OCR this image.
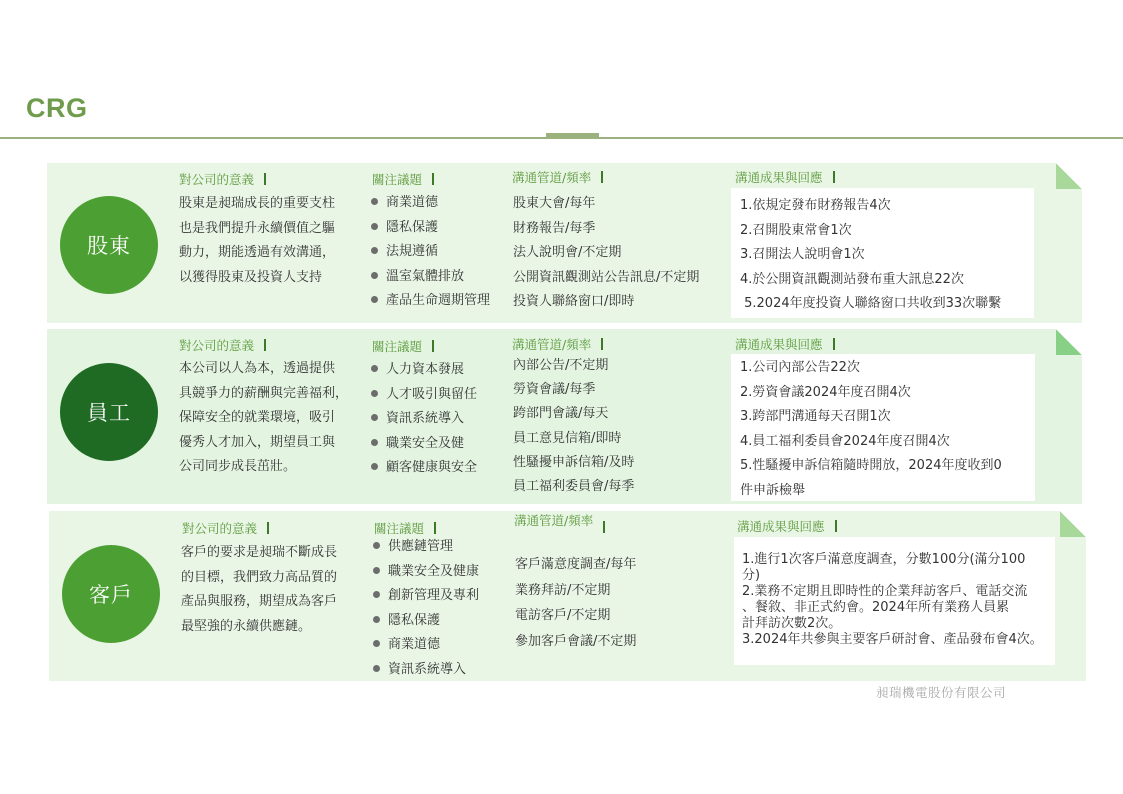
CRG
股東
對公司的意義
股東是昶瑞成長的重要支柱
也是我們提升永續價值之驅
動力，期能透過有效溝通，
以獲得股東及投資人支持
關注議題
商業道德
隱私保護
法規遵循
溫室氣體排放
產品生命週期管理
溝通管道/頻率
股東大會/每年
財務報告/每季
法人說明會/不定期
公開資訊觀測站公告訊息/不定期
投資人聯絡窗口/即時
溝通成果與回應
1.依規定發布財務報告4次
2.召開股東常會1次
3.召開法人說明會1次
4.於公開資訊觀測站發布重大訊息22次
5.2024年度投資人聯絡窗口共收到33次聯繫
員工
對公司的意義
本公司以人為本，透過提供
具競爭力的薪酬與完善福利，
保障安全的就業環境，吸引
優秀人才加入，期望員工與
公司同步成長茁壯。
關注議題
人力資本發展
人才吸引與留任
資訊系統導入
職業安全及健
顧客健康與安全
溝通管道/頻率
內部公告/不定期
勞資會議/每季
跨部門會議/每天
員工意見信箱/即時
性騷擾申訴信箱/及時
員工福利委員會/每季
溝通成果與回應
1.公司內部公告22次
2.勞資會議2024年度召開4次
3.跨部門溝通每天召開1次
4.員工福利委員會2024年度召開4次
5.性騷擾申訴信箱隨時開放，2024年度收到0
件申訴檢舉
客戶
對公司的意義
客戶的要求是昶瑞不斷成長
的目標，我們致力高品質的
產品與服務，期望成為客戶
最堅強的永續供應鏈。
關注議題
供應鏈管理
職業安全及健康
創新管理及專利
隱私保護
商業道德
資訊系統導入
溝通管道/頻率
客戶滿意度調查/每年
業務拜訪/不定期
電訪客戶/不定期
參加客戶會議/不定期
溝通成果與回應
1.進行1次客戶滿意度調查，分數100分(滿分100
分)
2.業務不定期且即時性的企業拜訪客戶、電話交流
、餐敘、非正式約會。2024年所有業務人員累
計拜訪次數2次。
3.2024年共參與主要客戶研討會、產品發布會4次。
昶瑞機電股份有限公司
